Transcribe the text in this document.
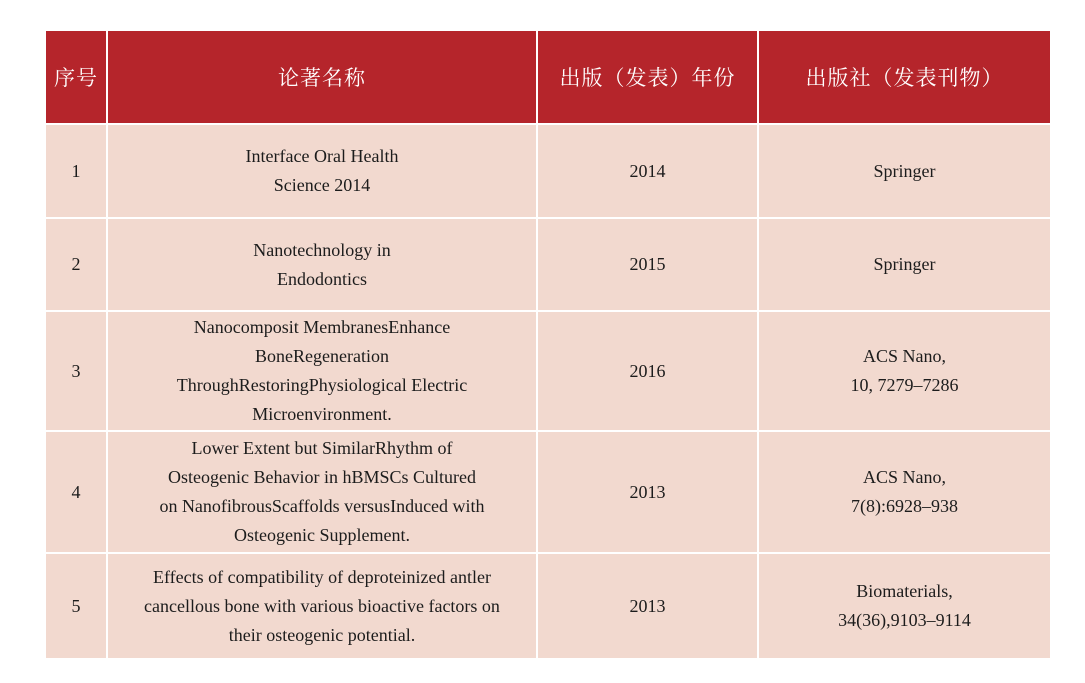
序号	论著名称	出版（发表）年份	出版社（发表刊物）
1	Interface Oral Health
Science 2014	2014	Springer

2	Nanotechnology in
Endodontics	2015	Springer

3	Nanocomposit MembranesEnhance
BoneRegeneration
ThroughRestoringPhysiological Electric
Microenvironment.	2016	ACS Nano,
10, 7279–7286

4	Lower Extent but SimilarRhythm of
Osteogenic Behavior in hBMSCs Cultured
on NanofibrousScaffolds versusInduced with
Osteogenic Supplement.	2013	ACS Nano,
7(8):6928–938

5	Effects of compatibility of deproteinized antler
cancellous bone with various bioactive factors on
their osteogenic potential.	2013	Biomaterials,
34(36),9103–9114
